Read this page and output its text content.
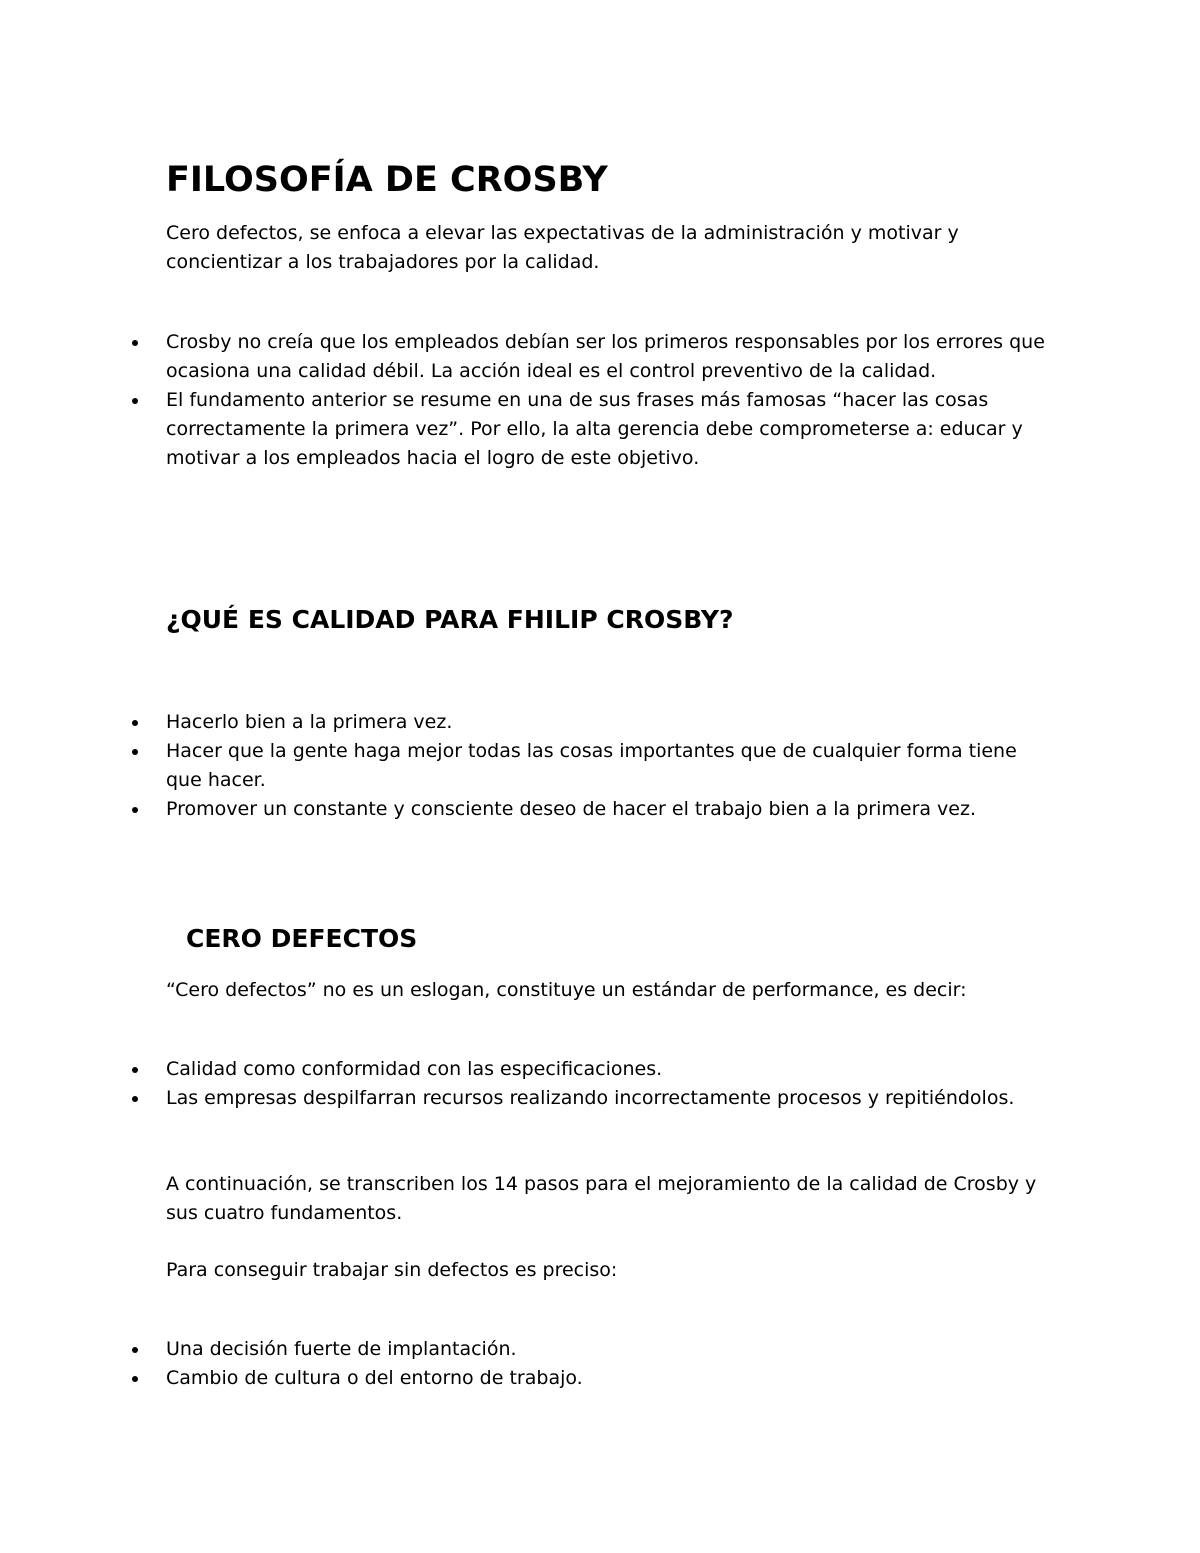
FILOSOFÍA DE CROSBY

Cero defectos, se enfoca a elevar las expectativas de la administración y motivar y concientizar a los trabajadores por la calidad.

Crosby no creía que los empleados debían ser los primeros responsables por los errores que ocasiona una calidad débil. La acción ideal es el control preventivo de la calidad.
El fundamento anterior se resume en una de sus frases más famosas “hacer las cosas correctamente la primera vez”. Por ello, la alta gerencia debe comprometerse a: educar y motivar a los empleados hacia el logro de este objetivo.
¿QUÉ ES CALIDAD PARA FHILIP CROSBY?
Hacerlo bien a la primera vez.
Hacer que la gente haga mejor todas las cosas importantes que de cualquier forma tiene que hacer.
Promover un constante y consciente deseo de hacer el trabajo bien a la primera vez.
CERO DEFECTOS

“Cero defectos” no es un eslogan, constituye un estándar de performance, es decir:

Calidad como conformidad con las especificaciones.
Las empresas despilfarran recursos realizando incorrectamente procesos y repitiéndolos.

A continuación, se transcriben los 14 pasos para el mejoramiento de la calidad de Crosby y sus cuatro fundamentos.

Para conseguir trabajar sin defectos es preciso:

Una decisión fuerte de implantación.
Cambio de cultura o del entorno de trabajo.
